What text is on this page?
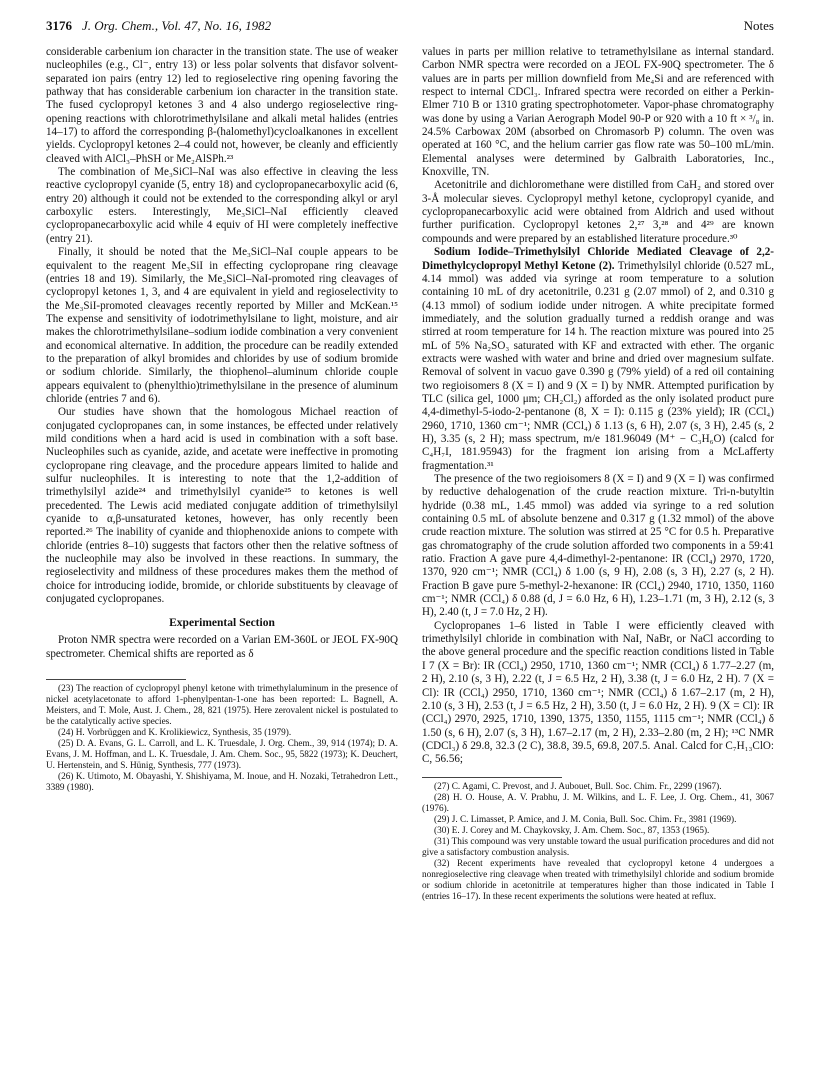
3176 J. Org. Chem., Vol. 47, No. 16, 1982	Notes

considerable carbenium ion character in the transition state. The use of weaker nucleophiles (e.g., Cl⁻, entry 13) or less polar solvents that disfavor solvent-separated ion pairs (entry 12) led to regioselective ring opening favoring the pathway that has considerable carbenium ion character in the transition state. The fused cyclopropyl ketones 3 and 4 also undergo regioselective ring-opening reactions with chlorotrimethylsilane and alkali metal halides (entries 14–17) to afford the corresponding β-(halomethyl)cycloalkanones in excellent yields. Cyclopropyl ketones 2–4 could not, however, be cleanly and efficiently cleaved with AlCl₃–PhSH or Me₂AlSPh.²³

The combination of Me₃SiCl–NaI was also effective in cleaving the less reactive cyclopropyl cyanide (5, entry 18) and cyclopropanecarboxylic acid (6, entry 20) although it could not be extended to the corresponding alkyl or aryl carboxylic esters. Interestingly, Me₃SiCl–NaI efficiently cleaved cyclopropanecarboxylic acid while 4 equiv of HI were completely ineffective (entry 21).

Finally, it should be noted that the Me₃SiCl–NaI couple appears to be equivalent to the reagent Me₃SiI in effecting cyclopropane ring cleavage (entries 18 and 19). Similarly, the Me₃SiCl–NaI-promoted ring cleavages of cyclopropyl ketones 1, 3, and 4 are equivalent in yield and regioselectivity to the Me₃SiI-promoted cleavages recently reported by Miller and McKean.¹⁵ The expense and sensitivity of iodotrimethylsilane to light, moisture, and air makes the chlorotrimethylsilane–sodium iodide combination a very convenient and economical alternative. In addition, the procedure can be readily extended to the preparation of alkyl bromides and chlorides by use of sodium bromide or sodium chloride. Similarly, the thiophenol–aluminum chloride couple appears equivalent to (phenylthio)trimethylsilane in the presence of aluminum chloride (entries 7 and 6).

Our studies have shown that the homologous Michael reaction of conjugated cyclopropanes can, in some instances, be effected under relatively mild conditions when a hard acid is used in combination with a soft base. Nucleophiles such as cyanide, azide, and acetate were ineffective in promoting cyclopropane ring cleavage, and the procedure appears limited to halide and sulfur nucleophiles. It is interesting to note that the 1,2-addition of trimethylsilyl azide²⁴ and trimethylsilyl cyanide²⁵ to ketones is well precedented. The Lewis acid mediated conjugate addition of trimethylsilyl cyanide to α,β-unsaturated ketones, however, has only recently been reported.²⁶ The inability of cyanide and thiophenoxide anions to compete with chloride (entries 8–10) suggests that factors other then the relative softness of the nucleophile may also be involved in these reactions. In summary, the regioselectivity and mildness of these procedures makes them the method of choice for introducing iodide, bromide, or chloride substituents by cleavage of conjugated cyclopropanes.

Experimental Section

Proton NMR spectra were recorded on a Varian EM-360L or JEOL FX-90Q spectrometer. Chemical shifts are reported as δ

(23) The reaction of cyclopropyl phenyl ketone with trimethylaluminum in the presence of nickel acetylacetonate to afford 1-phenylpentan-1-one has been reported: L. Bagnell, A. Meisters, and T. Mole, Aust. J. Chem., 28, 821 (1975). Here zerovalent nickel is postulated to be the catalytically active species.

(24) H. Vorbrüggen and K. Krolikiewicz, Synthesis, 35 (1979).

(25) D. A. Evans, G. L. Carroll, and L. K. Truesdale, J. Org. Chem., 39, 914 (1974); D. A. Evans, J. M. Hoffman, and L. K. Truesdale, J. Am. Chem. Soc., 95, 5822 (1973); K. Deuchert, U. Hertenstein, and S. Hünig, Synthesis, 777 (1973).

(26) K. Utimoto, M. Obayashi, Y. Shishiyama, M. Inoue, and H. Nozaki, Tetrahedron Lett., 3389 (1980).

values in parts per million relative to tetramethylsilane as internal standard. Carbon NMR spectra were recorded on a JEOL FX-90Q spectrometer. The δ values are in parts per million downfield from Me₄Si and are referenced with respect to internal CDCl₃. Infrared spectra were recorded on either a Perkin-Elmer 710 B or 1310 grating spectrophotometer. Vapor-phase chromatography was done by using a Varian Aerograph Model 90-P or 920 with a 10 ft × ³/₈ in. 24.5% Carbowax 20M (absorbed on Chromasorb P) column. The oven was operated at 160 °C, and the helium carrier gas flow rate was 50–100 mL/min. Elemental analyses were determined by Galbraith Laboratories, Inc., Knoxville, TN.

Acetonitrile and dichloromethane were distilled from CaH₂ and stored over 3-Å molecular sieves. Cyclopropyl methyl ketone, cyclopropyl cyanide, and cyclopropanecarboxylic acid were obtained from Aldrich and used without further purification. Cyclopropyl ketones 2,²⁷ 3,²⁸ and 4²⁹ are known compounds and were prepared by an established literature procedure.³⁰

Sodium Iodide–Trimethylsilyl Chloride Mediated Cleavage of 2,2-Dimethylcyclopropyl Methyl Ketone (2). Trimethylsilyl chloride (0.527 mL, 4.14 mmol) was added via syringe at room temperature to a solution containing 10 mL of dry acetonitrile, 0.231 g (2.07 mmol) of 2, and 0.310 g (4.13 mmol) of sodium iodide under nitrogen. A white precipitate formed immediately, and the solution gradually turned a reddish orange and was stirred at room temperature for 14 h. The reaction mixture was poured into 25 mL of 5% Na₂SO₃ saturated with KF and extracted with ether. The organic extracts were washed with water and brine and dried over magnesium sulfate. Removal of solvent in vacuo gave 0.390 g (79% yield) of a red oil containing two regioisomers 8 (X = I) and 9 (X = I) by NMR. Attempted purification by TLC (silica gel, 1000 μm; CH₂Cl₂) afforded as the only isolated product pure 4,4-dimethyl-5-iodo-2-pentanone (8, X = I): 0.115 g (23% yield); IR (CCl₄) 2960, 1710, 1360 cm⁻¹; NMR (CCl₄) δ 1.13 (s, 6 H), 2.07 (s, 3 H), 2.45 (s, 2 H), 3.35 (s, 2 H); mass spectrum, m/e 181.96049 (M⁺ − C₃H₆O) (calcd for C₄H₇I, 181.95943) for the fragment ion arising from a McLafferty fragmentation.³¹

The presence of the two regioisomers 8 (X = I) and 9 (X = I) was confirmed by reductive dehalogenation of the crude reaction mixture. Tri-n-butyltin hydride (0.38 mL, 1.45 mmol) was added via syringe to a red solution containing 0.5 mL of absolute benzene and 0.317 g (1.32 mmol) of the above crude reaction mixture. The solution was stirred at 25 °C for 0.5 h. Preparative gas chromatography of the crude solution afforded two components in a 59:41 ratio. Fraction A gave pure 4,4-dimethyl-2-pentanone: IR (CCl₄) 2970, 1720, 1370, 920 cm⁻¹; NMR (CCl₄) δ 1.00 (s, 9 H), 2.08 (s, 3 H), 2.27 (s, 2 H). Fraction B gave pure 5-methyl-2-hexanone: IR (CCl₄) 2940, 1710, 1350, 1160 cm⁻¹; NMR (CCl₄) δ 0.88 (d, J = 6.0 Hz, 6 H), 1.23–1.71 (m, 3 H), 2.12 (s, 3 H), 2.40 (t, J = 7.0 Hz, 2 H).

Cyclopropanes 1–6 listed in Table I were efficiently cleaved with trimethylsilyl chloride in combination with NaI, NaBr, or NaCl according to the above general procedure and the specific reaction conditions listed in Table I 7 (X = Br): IR (CCl₄) 2950, 1710, 1360 cm⁻¹; NMR (CCl₄) δ 1.77–2.27 (m, 2 H), 2.10 (s, 3 H), 2.22 (t, J = 6.5 Hz, 2 H), 3.38 (t, J = 6.0 Hz, 2 H). 7 (X = Cl): IR (CCl₄) 2950, 1710, 1360 cm⁻¹; NMR (CCl₄) δ 1.67–2.17 (m, 2 H), 2.10 (s, 3 H), 2.53 (t, J = 6.5 Hz, 2 H), 3.50 (t, J = 6.0 Hz, 2 H). 9 (X = Cl): IR (CCl₄) 2970, 2925, 1710, 1390, 1375, 1350, 1155, 1115 cm⁻¹; NMR (CCl₄) δ 1.50 (s, 6 H), 2.07 (s, 3 H), 1.67–2.17 (m, 2 H), 2.33–2.80 (m, 2 H); ¹³C NMR (CDCl₃) δ 29.8, 32.3 (2 C), 38.8, 39.5, 69.8, 207.5. Anal. Calcd for C₇H₁₃ClO: C, 56.56;

(27) C. Agami, C. Prevost, and J. Aubouet, Bull. Soc. Chim. Fr., 2299 (1967).

(28) H. O. House, A. V. Prabhu, J. M. Wilkins, and L. F. Lee, J. Org. Chem., 41, 3067 (1976).

(29) J. C. Limasset, P. Amice, and J. M. Conia, Bull. Soc. Chim. Fr., 3981 (1969).

(30) E. J. Corey and M. Chaykovsky, J. Am. Chem. Soc., 87, 1353 (1965).

(31) This compound was very unstable toward the usual purification procedures and did not give a satisfactory combustion analysis.

(32) Recent experiments have revealed that cyclopropyl ketone 4 undergoes a nonregioselective ring cleavage when treated with trimethylsilyl chloride and sodium bromide or sodium chloride in acetonitrile at temperatures higher than those indicated in Table I (entries 16–17). In these recent experiments the solutions were heated at reflux.
